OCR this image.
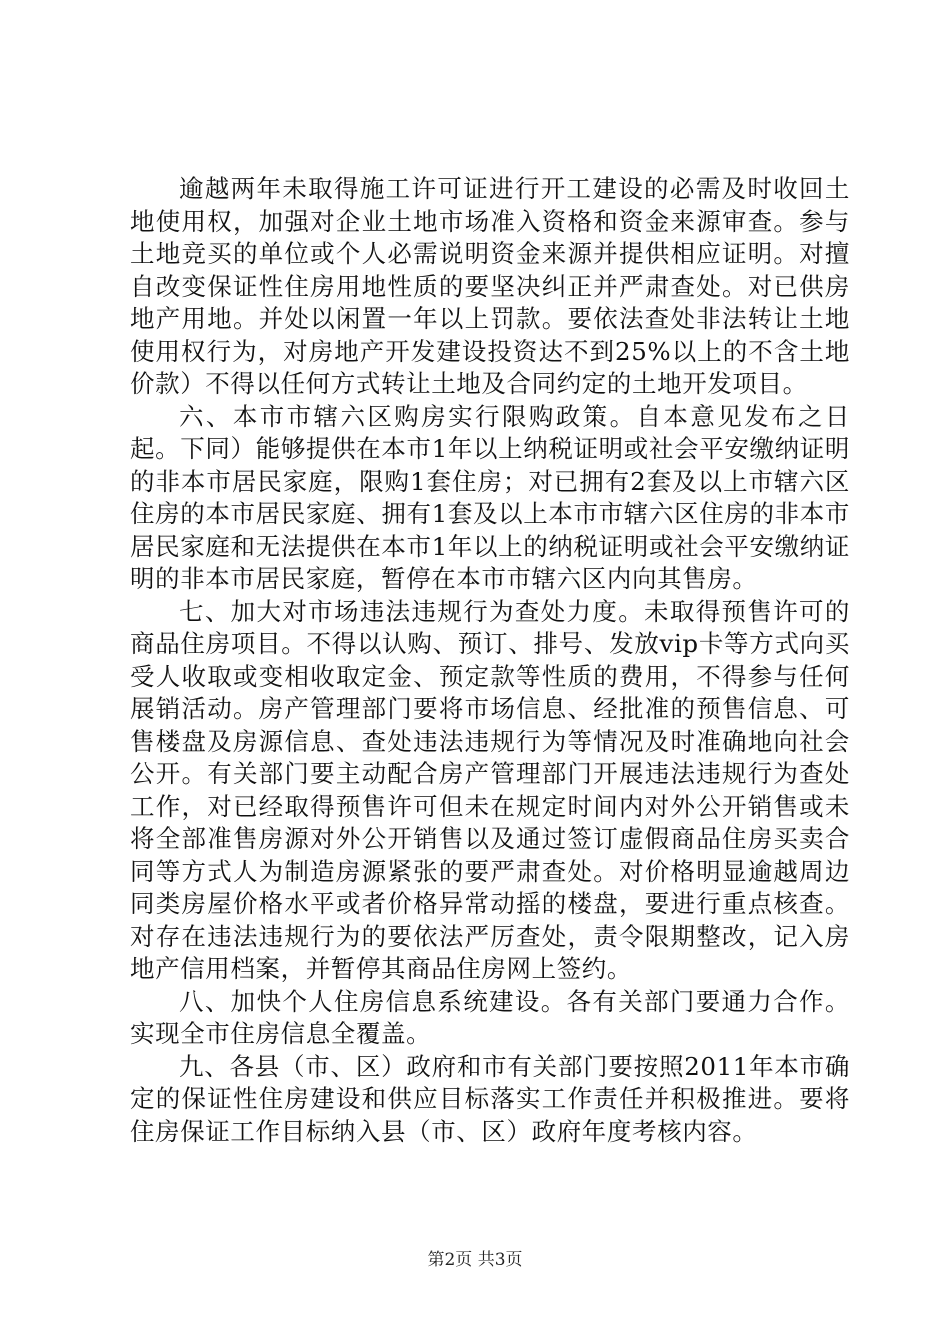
逾越两年未取得施工许可证进行开工建设的必需及时收回土地使用权，加强对企业土地市场准入资格和资金来源审查。参与土地竞买的单位或个人必需说明资金来源并提供相应证明。对擅自改变保证性住房用地性质的要坚决纠正并严肃查处。对已供房地产用地。并处以闲置一年以上罚款。要依法查处非法转让土地使用权行为，对房地产开发建设投资达不到25%以上的不含土地价款）不得以任何方式转让土地及合同约定的土地开发项目。

六、本市市辖六区购房实行限购政策。自本意见发布之日起。下同）能够提供在本市1年以上纳税证明或社会平安缴纳证明的非本市居民家庭，限购1套住房；对已拥有2套及以上市辖六区住房的本市居民家庭、拥有1套及以上本市市辖六区住房的非本市居民家庭和无法提供在本市1年以上的纳税证明或社会平安缴纳证明的非本市居民家庭，暂停在本市市辖六区内向其售房。

七、加大对市场违法违规行为查处力度。未取得预售许可的商品住房项目。不得以认购、预订、排号、发放vip卡等方式向买受人收取或变相收取定金、预定款等性质的费用，不得参与任何展销活动。房产管理部门要将市场信息、经批准的预售信息、可售楼盘及房源信息、查处违法违规行为等情况及时准确地向社会公开。有关部门要主动配合房产管理部门开展违法违规行为查处工作，对已经取得预售许可但未在规定时间内对外公开销售或未将全部准售房源对外公开销售以及通过签订虚假商品住房买卖合同等方式人为制造房源紧张的要严肃查处。对价格明显逾越周边同类房屋价格水平或者价格异常动摇的楼盘，要进行重点核查。对存在违法违规行为的要依法严厉查处，责令限期整改，记入房地产信用档案，并暂停其商品住房网上签约。

八、加快个人住房信息系统建设。各有关部门要通力合作。实现全市住房信息全覆盖。

九、各县（市、区）政府和市有关部门要按照2011年本市确定的保证性住房建设和供应目标落实工作责任并积极推进。要将住房保证工作目标纳入县（市、区）政府年度考核内容。

第2页 共3页
